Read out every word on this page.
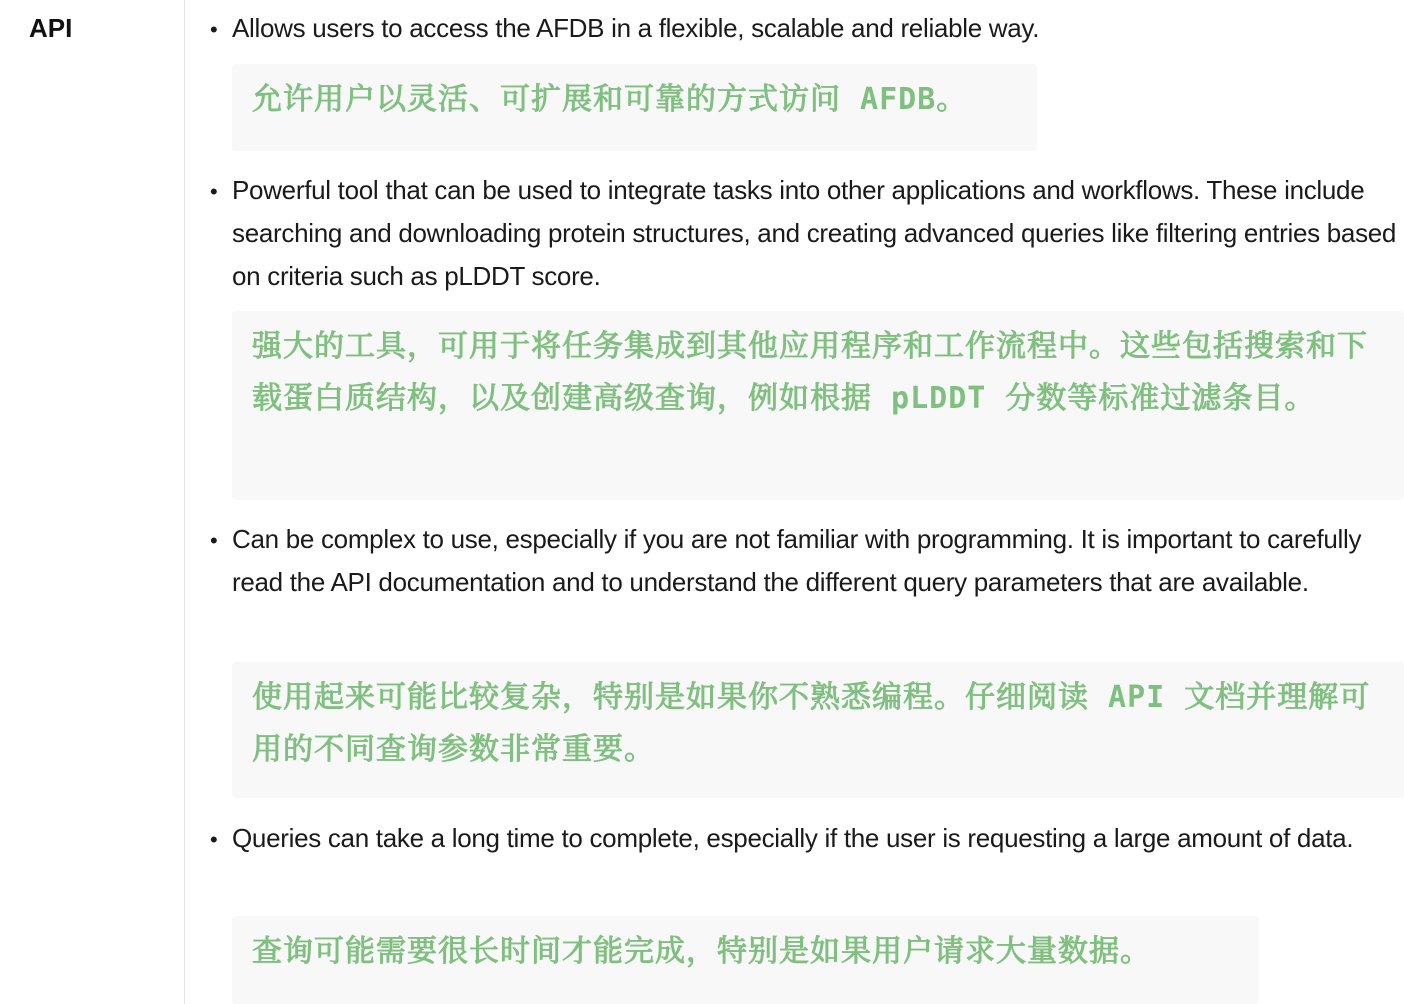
API	• Allows users to access the AFDB in a flexible, scalable and reliable way.

允许用户以灵活、可扩展和可靠的方式访问 AFDB。

• Powerful tool that can be used to integrate tasks into other applications and workflows. These include searching and downloading protein structures, and creating advanced queries like filtering entries based on criteria such as pLDDT score.

强大的工具，可用于将任务集成到其他应用程序和工作流程中。这些包括搜索和下载蛋白质结构，以及创建高级查询，例如根据 pLDDT 分数等标准过滤条目。

• Can be complex to use, especially if you are not familiar with programming. It is important to carefully read the API documentation and to understand the different query parameters that are available.

使用起来可能比较复杂，特别是如果你不熟悉编程。仔细阅读 API 文档并理解可用的不同查询参数非常重要。

• Queries can take a long time to complete, especially if the user is requesting a large amount of data.

查询可能需要很长时间才能完成，特别是如果用户请求大量数据。
